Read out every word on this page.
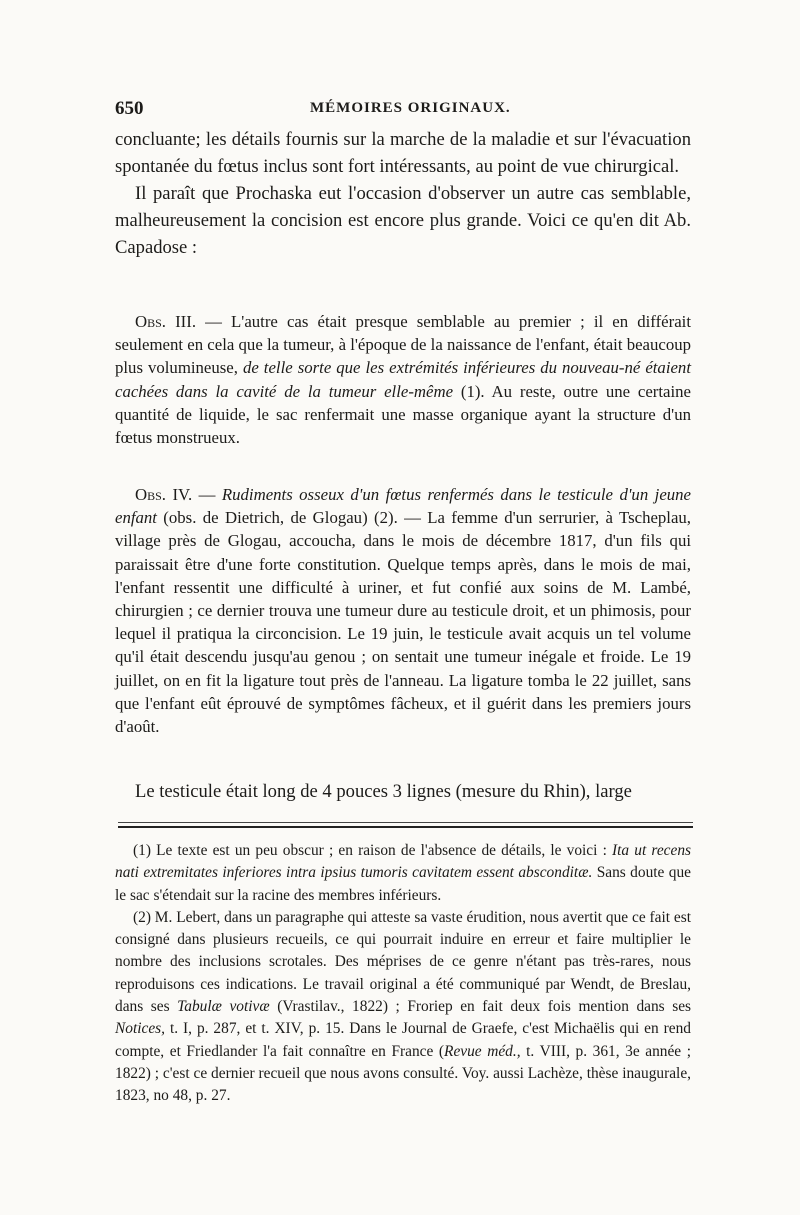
650	MÉMOIRES ORIGINAUX.

concluante; les détails fournis sur la marche de la maladie et sur l'évacuation spontanée du fœtus inclus sont fort intéressants, au point de vue chirurgical.

Il paraît que Prochaska eut l'occasion d'observer un autre cas semblable, malheureusement la concision est encore plus grande. Voici ce qu'en dit Ab. Capadose :

Obs. III. — L'autre cas était presque semblable au premier ; il en différait seulement en cela que la tumeur, à l'époque de la naissance de l'enfant, était beaucoup plus volumineuse, de telle sorte que les extrémités inférieures du nouveau-né étaient cachées dans la cavité de la tumeur elle-même (1). Au reste, outre une certaine quantité de liquide, le sac renfermait une masse organique ayant la structure d'un fœtus monstrueux.

Obs. IV. — Rudiments osseux d'un fœtus renfermés dans le testicule d'un jeune enfant (obs. de Dietrich, de Glogau) (2). — La femme d'un serrurier, à Tscheplau, village près de Glogau, accoucha, dans le mois de décembre 1817, d'un fils qui paraissait être d'une forte constitution. Quelque temps après, dans le mois de mai, l'enfant ressentit une difficulté à uriner, et fut confié aux soins de M. Lambé, chirurgien ; ce dernier trouva une tumeur dure au testicule droit, et un phimosis, pour lequel il pratiqua la circoncision. Le 19 juin, le testicule avait acquis un tel volume qu'il était descendu jusqu'au genou ; on sentait une tumeur inégale et froide. Le 19 juillet, on en fit la ligature tout près de l'anneau. La ligature tomba le 22 juillet, sans que l'enfant eût éprouvé de symptômes fâcheux, et il guérit dans les premiers jours d'août.

Le testicule était long de 4 pouces 3 lignes (mesure du Rhin), large

(1) Le texte est un peu obscur ; en raison de l'absence de détails, le voici : Ita ut recens nati extremitates inferiores intra ipsius tumoris cavitatem essent absconditæ. Sans doute que le sac s'étendait sur la racine des membres inférieurs.

(2) M. Lebert, dans un paragraphe qui atteste sa vaste érudition, nous avertit que ce fait est consigné dans plusieurs recueils, ce qui pourrait induire en erreur et faire multiplier le nombre des inclusions scrotales. Des méprises de ce genre n'étant pas très-rares, nous reproduisons ces indications. Le travail original a été communiqué par Wendt, de Breslau, dans ses Tabulæ votivæ (Vrastilav., 1822) ; Froriep en fait deux fois mention dans ses Notices, t. I, p. 287, et t. XIV, p. 15. Dans le Journal de Graefe, c'est Michaëlis qui en rend compte, et Friedlander l'a fait connaître en France (Revue méd., t. VIII, p. 361, 3e année ; 1822) ; c'est ce dernier recueil que nous avons consulté. Voy. aussi Lachèze, thèse inaugurale, 1823, no 48, p. 27.
